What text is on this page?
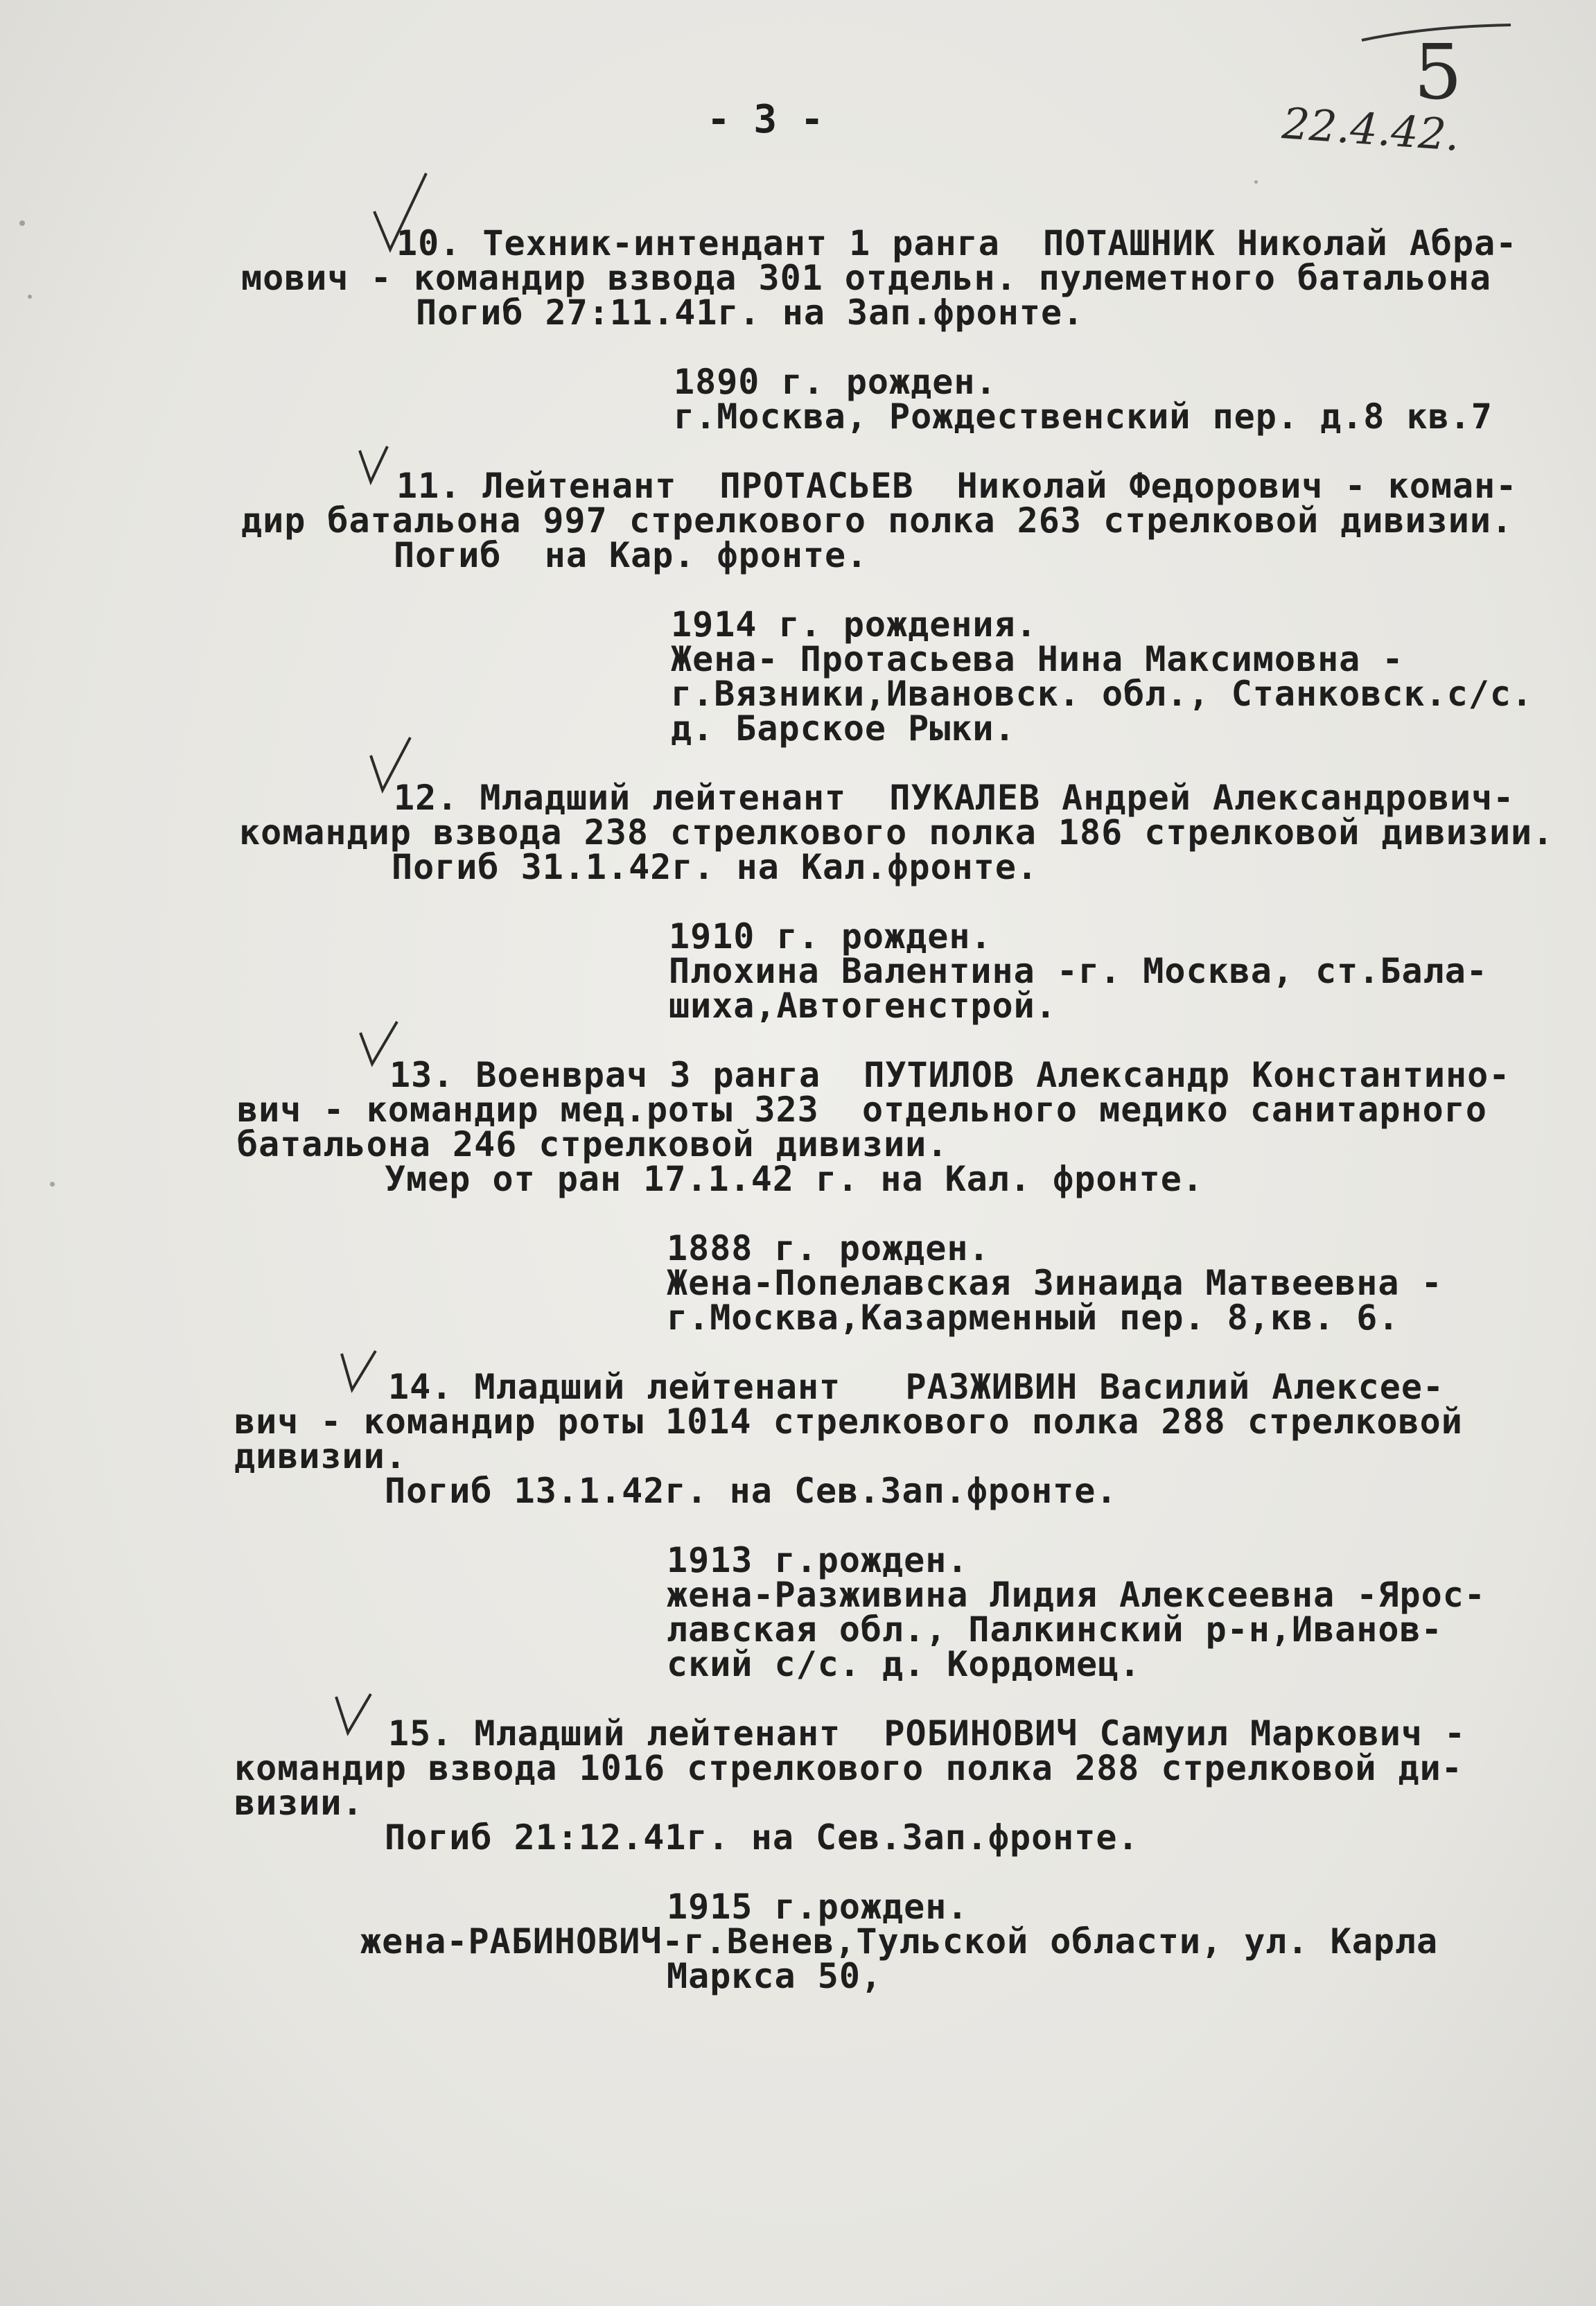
- 3 -	22.4.42.
5
10. Техник-интендант 1 ранга  ПОТАШНИК Николай Абра-
мович - командир взвода 301 отдельн. пулеметного батальона
Погиб 27:11.41г. на Зап.фронте.
1890 г. рожден.
г.Москва, Рождественский пер. д.8 кв.7
11. Лейтенант  ПРОТАСЬЕВ  Николай Федорович - коман-
дир батальона 997 стрелкового полка 263 стрелковой дивизии.
Погиб  на Кар. фронте.
1914 г. рождения.
Жена- Протасьева Нина Максимовна -
г.Вязники,Ивановск. обл., Станковск.с/с.
д. Барское Рыки.
12. Младший лейтенант  ПУКАЛЕВ Андрей Александрович-
командир взвода 238 стрелкового полка 186 стрелковой дивизии.
Погиб 31.1.42г. на Кал.фронте.
1910 г. рожден.
Плохина Валентина -г. Москва, ст.Бала-
шиха,Автогенстрой.
13. Военврач 3 ранга  ПУТИЛОВ Александр Константино-
вич - командир мед.роты 323  отдельного медико санитарного
батальона 246 стрелковой дивизии.
Умер от ран 17.1.42 г. на Кал. фронте.
1888 г. рожден.
Жена-Попелавская Зинаида Матвеевна -
г.Москва,Казарменный пер. 8,кв. 6.
14. Младший лейтенант   РАЗЖИВИН Василий Алексее-
вич - командир роты 1014 стрелкового полка 288 стрелковой
дивизии.
Погиб 13.1.42г. на Сев.Зап.фронте.
1913 г.рожден.
жена-Разживина Лидия Алексеевна -Ярос-
лавская обл., Палкинский р-н,Иванов-
ский с/с. д. Кордомец.
15. Младший лейтенант  РОБИНОВИЧ Самуил Маркович -
командир взвода 1016 стрелкового полка 288 стрелковой ди-
визии.
Погиб 21:12.41г. на Сев.Зап.фронте.
1915 г.рожден.
жена-РАБИНОВИЧ-г.Венев,Тульской области, ул. Карла
Маркса 50,
